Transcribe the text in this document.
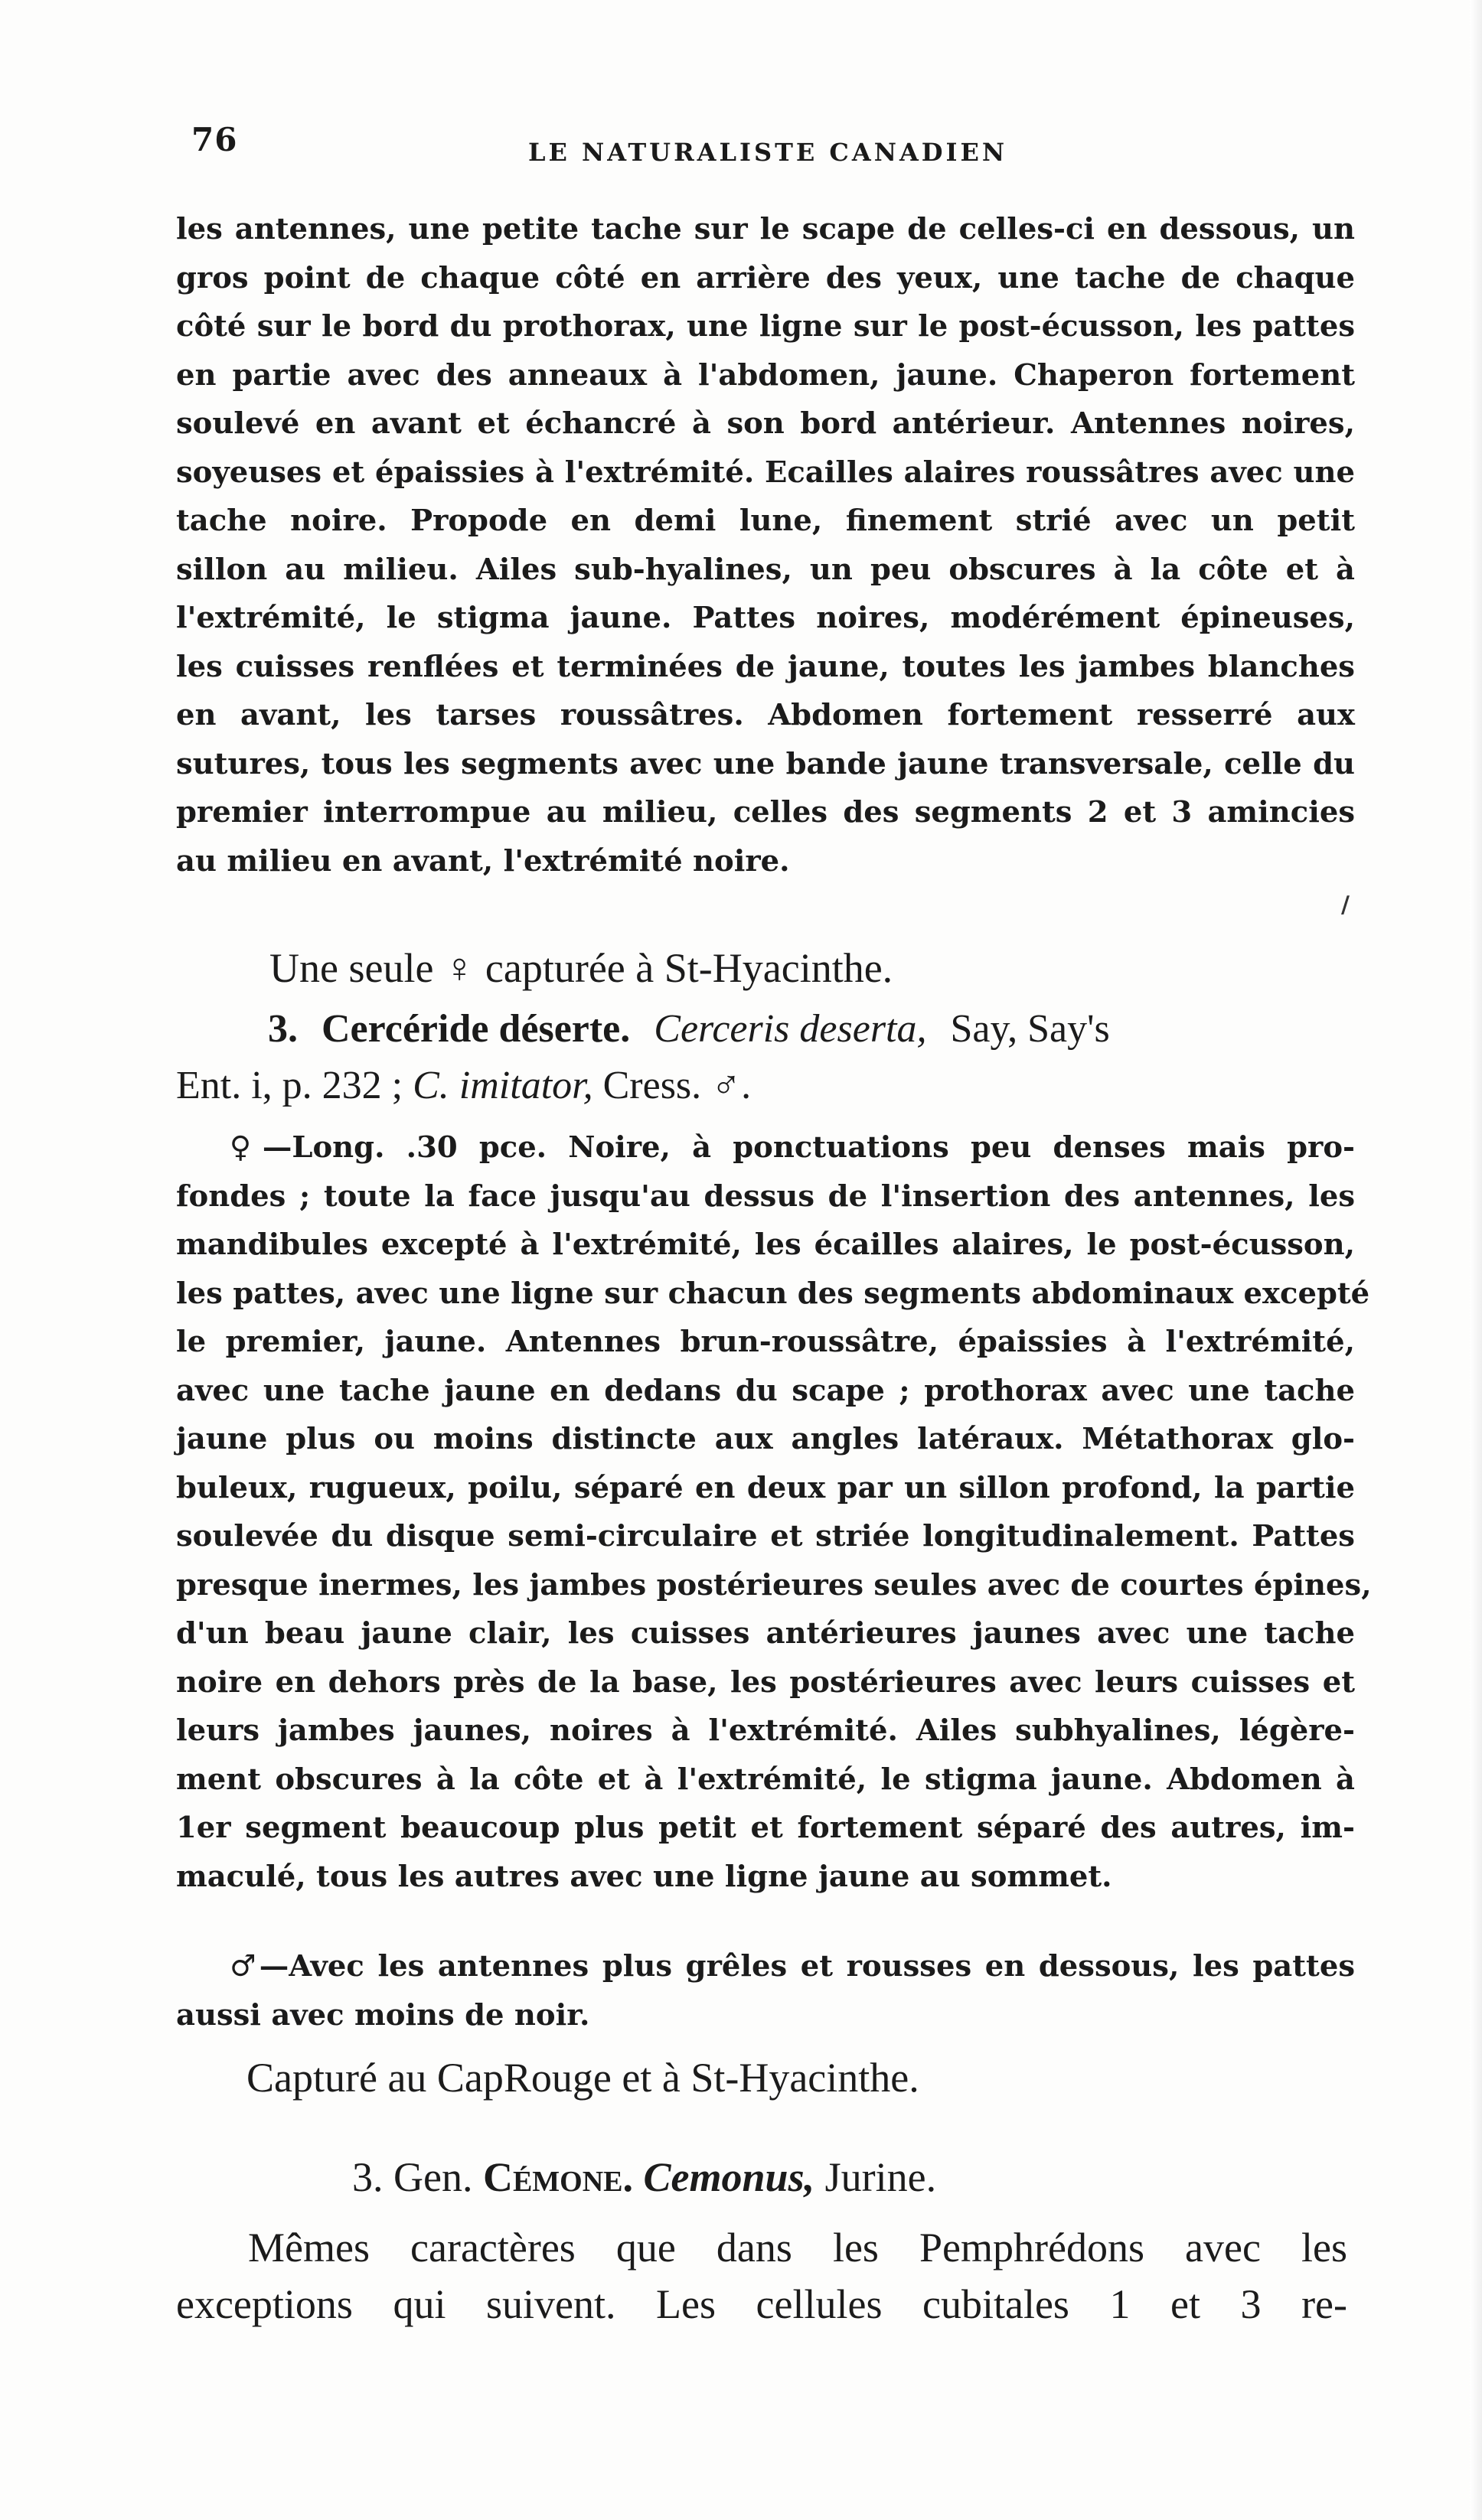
76	LE NATURALISTE CANADIEN
les antennes, une petite tache sur le scape de celles-ci en dessous, un
gros point de chaque côté en arrière des yeux, une tache de chaque
côté sur le bord du prothorax, une ligne sur le post-écusson, les pattes
en partie avec des anneaux à l'abdomen, jaune. Chaperon fortement
soulevé en avant et échancré à son bord antérieur. Antennes noires,
soyeuses et épaissies à l'extrémité. Ecailles alaires roussâtres avec une
tache noire. Propode en demi lune, finement strié avec un petit
sillon au milieu. Ailes sub-hyalines, un peu obscures à la côte et à
l'extrémité, le stigma jaune. Pattes noires, modérément épineuses,
les cuisses renflées et terminées de jaune, toutes les jambes blanches
en avant, les tarses roussâtres. Abdomen fortement resserré aux
sutures, tous les segments avec une bande jaune transversale, celle du
premier interrompue au milieu, celles des segments 2 et 3 amincies
au milieu en avant, l'extrémité noire.
/
Une seule ♀ capturée à St-Hyacinthe.
3. Cercéride déserte. Cerceris deserta, Say, Say's
Ent. i, p. 232 ; C. imitator, Cress. ♂.
♀—Long. .30 pce. Noire, à ponctuations peu denses mais pro-
fondes ; toute la face jusqu'au dessus de l'insertion des antennes, les
mandibules excepté à l'extrémité, les écailles alaires, le post-écusson,
les pattes, avec une ligne sur chacun des segments abdominaux excepté
le premier, jaune. Antennes brun-roussâtre, épaissies à l'extrémité,
avec une tache jaune en dedans du scape ; prothorax avec une tache
jaune plus ou moins distincte aux angles latéraux. Métathorax glo-
buleux, rugueux, poilu, séparé en deux par un sillon profond, la partie
soulevée du disque semi-circulaire et striée longitudinalement. Pattes
presque inermes, les jambes postérieures seules avec de courtes épines,
d'un beau jaune clair, les cuisses antérieures jaunes avec une tache
noire en dehors près de la base, les postérieures avec leurs cuisses et
leurs jambes jaunes, noires à l'extrémité. Ailes subhyalines, légère-
ment obscures à la côte et à l'extrémité, le stigma jaune. Abdomen à
1er segment beaucoup plus petit et fortement séparé des autres, im-
maculé, tous les autres avec une ligne jaune au sommet.
♂—Avec les antennes plus grêles et rousses en dessous, les pattes
aussi avec moins de noir.
Capturé au CapRouge et à St-Hyacinthe.
3. Gen. Cémone. Cemonus, Jurine.
Mêmes caractères que dans les Pemphrédons avec les
exceptions qui suivent. Les cellules cubitales 1 et 3 re-
